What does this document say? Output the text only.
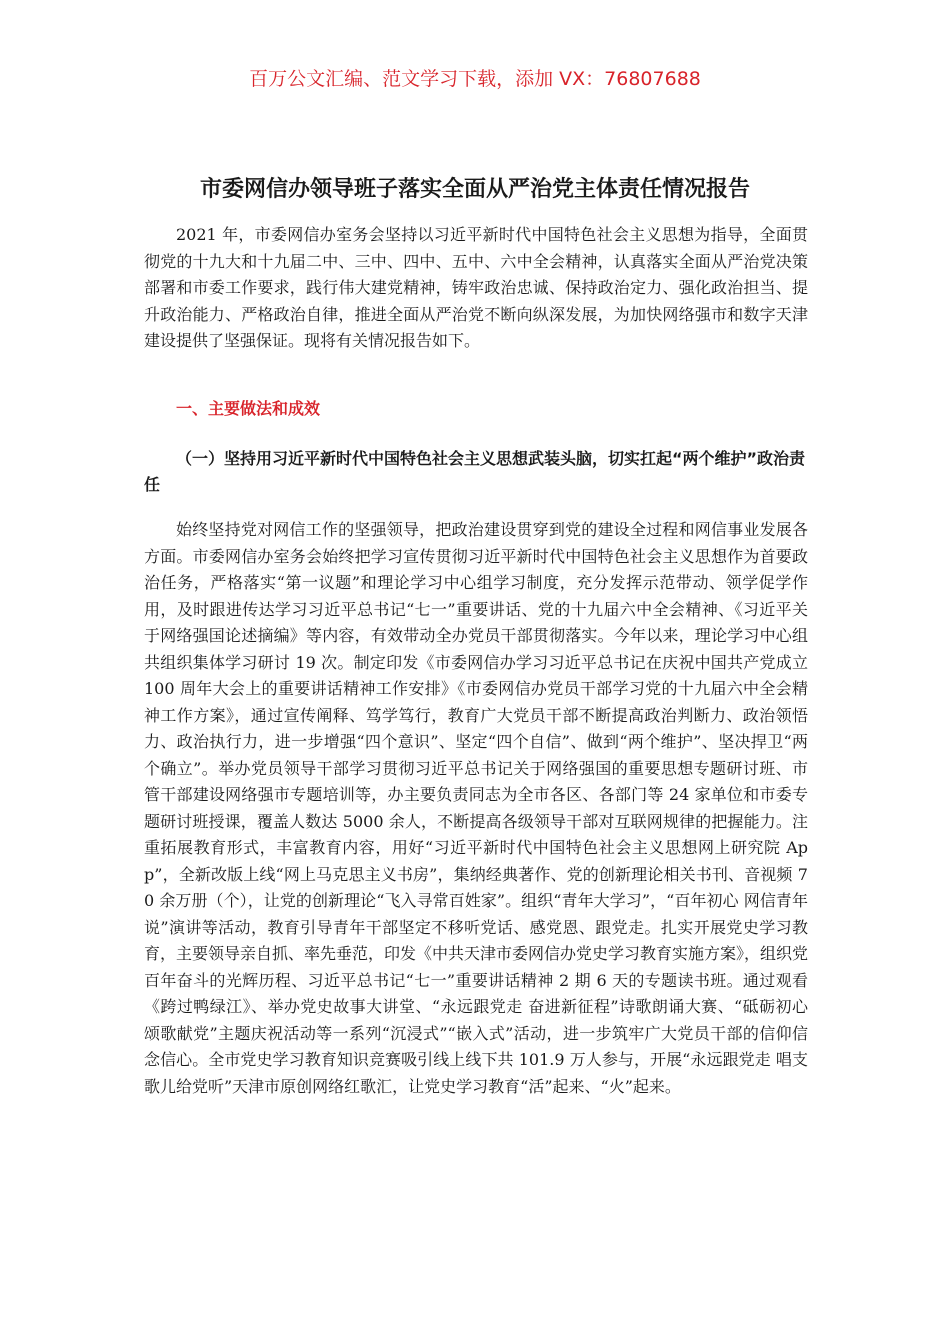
百万公文汇编、范文学习下载，添加 VX：76807688
市委网信办领导班子落实全面从严治党主体责任情况报告

2021 年，市委网信办室务会坚持以习近平新时代中国特色社会主义思想为指导，全面贯彻党的十九大和十九届二中、三中、四中、五中、六中全会精神，认真落实全面从严治党决策部署和市委工作要求，践行伟大建党精神，铸牢政治忠诚、保持政治定力、强化政治担当、提升政治能力、严格政治自律，推进全面从严治党不断向纵深发展，为加快网络强市和数字天津建设提供了坚强保证。现将有关情况报告如下。

一、主要做法和成效
（一）坚持用习近平新时代中国特色社会主义思想武装头脑，切实扛起“两个维护”政治责任

始终坚持党对网信工作的坚强领导，把政治建设贯穿到党的建设全过程和网信事业发展各方面。市委网信办室务会始终把学习宣传贯彻习近平新时代中国特色社会主义思想作为首要政治任务，严格落实“第一议题”和理论学习中心组学习制度，充分发挥示范带动、领学促学作用，及时跟进传达学习习近平总书记“七一”重要讲话、党的十九届六中全会精神、《习近平关于网络强国论述摘编》等内容，有效带动全办党员干部贯彻落实。今年以来，理论学习中心组共组织集体学习研讨 19 次。制定印发《市委网信办学习习近平总书记在庆祝中国共产党成立 100 周年大会上的重要讲话精神工作安排》《市委网信办党员干部学习党的十九届六中全会精神工作方案》，通过宣传阐释、笃学笃行，教育广大党员干部不断提高政治判断力、政治领悟力、政治执行力，进一步增强“四个意识”、坚定“四个自信”、做到“两个维护”、坚决捍卫“两个确立”。举办党员领导干部学习贯彻习近平总书记关于网络强国的重要思想专题研讨班、市管干部建设网络强市专题培训等，办主要负责同志为全市各区、各部门等 24 家单位和市委专题研讨班授课，覆盖人数达 5000 余人，不断提高各级领导干部对互联网规律的把握能力。注重拓展教育形式，丰富教育内容，用好“习近平新时代中国特色社会主义思想网上研究院 App”，全新改版上线“网上马克思主义书房”，集纳经典著作、党的创新理论相关书刊、音视频 70 余万册（个），让党的创新理论“飞入寻常百姓家”。组织“青年大学习”，“百年初心 网信青年说”演讲等活动，教育引导青年干部坚定不移听党话、感党恩、跟党走。扎实开展党史学习教育，主要领导亲自抓、率先垂范，印发《中共天津市委网信办党史学习教育实施方案》，组织党百年奋斗的光辉历程、习近平总书记“七一”重要讲话精神 2 期 6 天的专题读书班。通过观看《跨过鸭绿江》、举办党史故事大讲堂、“永远跟党走 奋进新征程”诗歌朗诵大赛、“砥砺初心 颂歌献党”主题庆祝活动等一系列“沉浸式”“嵌入式”活动，进一步筑牢广大党员干部的信仰信念信心。全市党史学习教育知识竞赛吸引线上线下共 101.9 万人参与，开展“永远跟党走 唱支歌儿给党听”天津市原创网络红歌汇，让党史学习教育“活”起来、“火”起来。
